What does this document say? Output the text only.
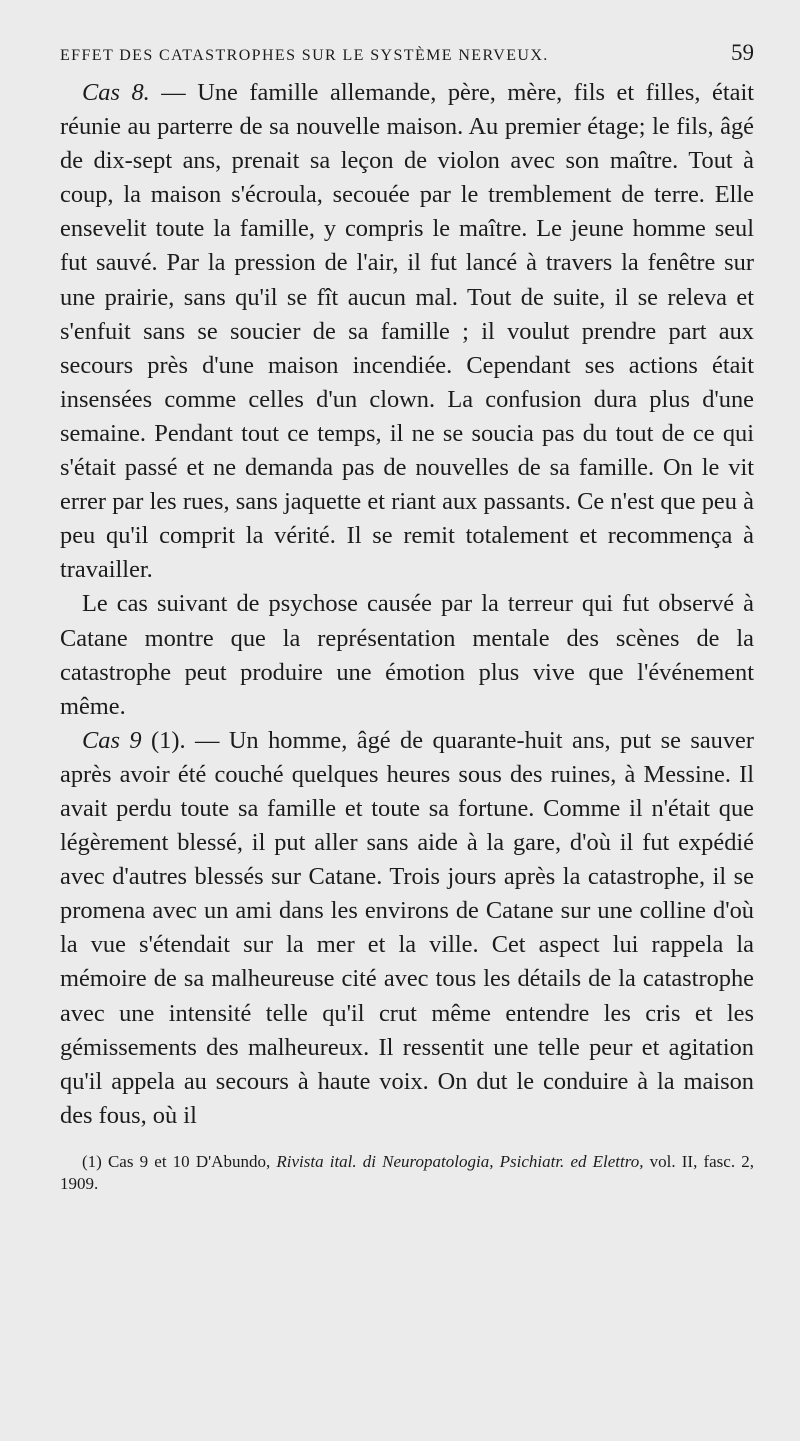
EFFET DES CATASTROPHES SUR LE SYSTÈME NERVEUX.	59

Cas 8. — Une famille allemande, père, mère, fils et filles, était réunie au parterre de sa nouvelle maison. Au premier étage; le fils, âgé de dix-sept ans, prenait sa leçon de violon avec son maître. Tout à coup, la maison s'écroula, secouée par le tremblement de terre. Elle ensevelit toute la famille, y compris le maître. Le jeune homme seul fut sauvé. Par la pression de l'air, il fut lancé à travers la fenêtre sur une prairie, sans qu'il se fît aucun mal. Tout de suite, il se releva et s'enfuit sans se soucier de sa famille ; il voulut prendre part aux secours près d'une maison incendiée. Cependant ses actions était insensées comme celles d'un clown. La confusion dura plus d'une semaine. Pendant tout ce temps, il ne se soucia pas du tout de ce qui s'était passé et ne demanda pas de nouvelles de sa famille. On le vit errer par les rues, sans jaquette et riant aux passants. Ce n'est que peu à peu qu'il comprit la vérité. Il se remit totalement et recommença à travailler.

Le cas suivant de psychose causée par la terreur qui fut observé à Catane montre que la représentation mentale des scènes de la catastrophe peut produire une émotion plus vive que l'événement même.

Cas 9 (1). — Un homme, âgé de quarante-huit ans, put se sauver après avoir été couché quelques heures sous des ruines, à Messine. Il avait perdu toute sa famille et toute sa fortune. Comme il n'était que légèrement blessé, il put aller sans aide à la gare, d'où il fut expédié avec d'autres blessés sur Catane. Trois jours après la catastrophe, il se promena avec un ami dans les environs de Catane sur une colline d'où la vue s'étendait sur la mer et la ville. Cet aspect lui rappela la mémoire de sa malheureuse cité avec tous les détails de la catastrophe avec une intensité telle qu'il crut même entendre les cris et les gémissements des malheureux. Il ressentit une telle peur et agitation qu'il appela au secours à haute voix. On dut le conduire à la maison des fous, où il

(1) Cas 9 et 10 D'Abundo, Rivista ital. di Neuropatologia, Psichiatr. ed Elettro, vol. II, fasc. 2, 1909.
